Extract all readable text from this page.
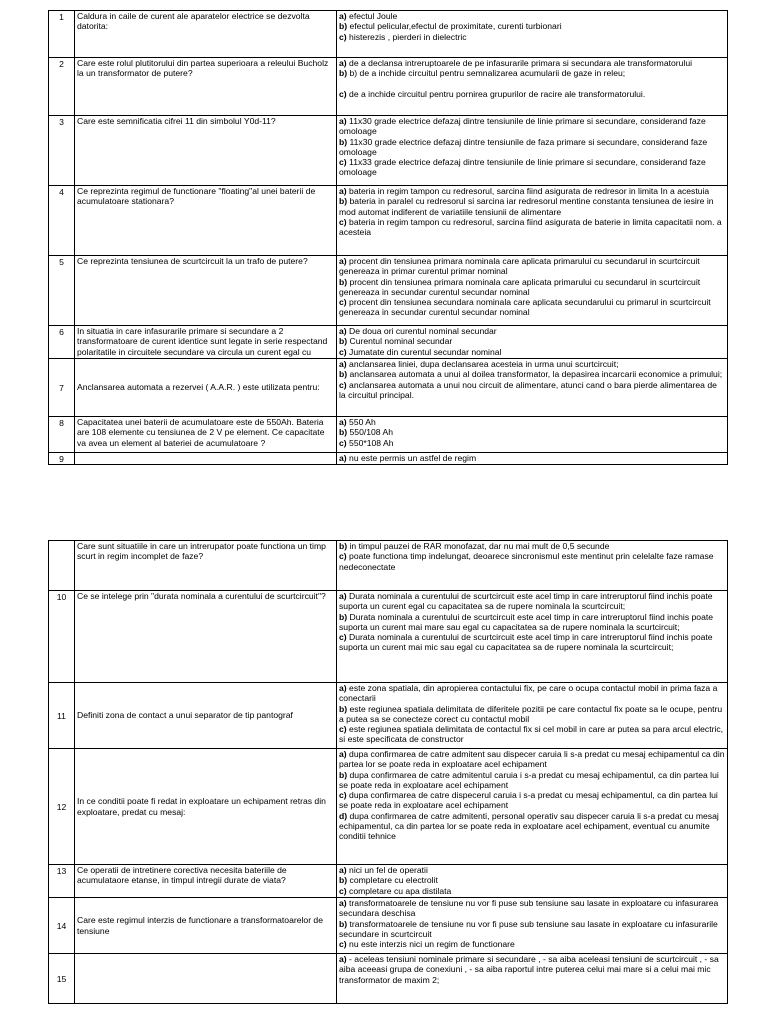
1	Caldura in caile de curent ale aparatelor electrice se dezvolta datorita:	a) efectul Joule
b) efectul pelicular,efectul de proximitate, curenti turbionari
c) histerezis , pierderi in dielectric

2	Care este rolul plutitorului din partea superioara a releului Bucholz la un transformator de putere?	a) de a declansa intreruptoarele de pe infasurarile primara si secundara ale transformatorului
b) b) de a inchide circuitul pentru semnalizarea acumularii de gaze in releu;
c) de a inchide circuitul pentru pornirea grupurilor de racire ale transformatorului.

3	Care este semnificatia cifrei 11 din simbolul Y0d-11?	a) 11x30 grade electrice defazaj dintre tensiunile de linie primare si secundare, considerand faze omoloage
b) 11x30 grade electrice defazaj dintre tensiunile de faza primare si secundare, considerand faze omoloage
c) 11x33 grade electrice defazaj dintre tensiunile de linie primare si secundare, considerand faze omoloage

4	Ce reprezinta regimul de functionare "floating"al unei baterii de acumulatoare stationara?	a) bateria in regim tampon cu redresorul, sarcina fiind asigurata de redresor in limita In a acestuia
b) bateria in paralel cu redresorul si sarcina iar redresorul mentine constanta tensiunea de iesire in mod automat indiferent de variatiile tensiunii de alimentare
c) bateria in regim tampon cu redresorul, sarcina fiind asigurata de baterie in limita capacitatii nom. a acesteia

5	Ce reprezinta tensiunea de scurtcircuit la un trafo de putere?	a) procent din tensiunea primara nominala care aplicata primarului cu secundarul in scurtcircuit genereaza in primar curentul primar nominal
b) procent din tensiunea primara nominala care aplicata primarului cu secundarul in scurtcircuit genereaza in secundar curentul secundar nominal
c) procent din tensiunea secundara nominala care aplicata secundarului cu primarul in scurtcircuit genereaza in secundar curentul secundar nominal

6	In situatia in care infasurarile primare si secundare a 2 transformatoare de curent identice sunt legate in serie respectand polaritatile in circuitele secundare va circula un curent egal cu	a) De doua ori curentul nominal secundar
b) Curentul nominal secundar
c) Jumatate din curentul secundar nominal

7	Anclansarea automata a rezervei ( A.A.R. ) este utilizata pentru:	a) anclansarea liniei, dupa declansarea acesteia in urma unui scurtcircuit;
b) anclansarea automata a unui al doilea transformator, la depasirea incarcarii economice a primului;
c) anclansarea automata a unui nou circuit de alimentare, atunci cand o bara pierde alimentarea de la circuitul principal.

8	Capacitatea unei baterii de acumulatoare este de 550Ah. Bateria are 108 elemente cu tensiunea de 2 V pe element. Ce capacitate va avea un element al bateriei de acumulatoare ?	a) 550 Ah
b) 550/108 Ah
c) 550*108 Ah

9		a) nu este permis un astfel de regim
	Care sunt situatiile in care un intrerupator poate functiona un timp scurt in regim incomplet de faze?	b) in timpul pauzei de RAR monofazat, dar nu mai mult de 0,5 secunde
c) poate functiona timp indelungat, deoarece sincronismul este mentinut prin celelalte faze ramase nedeconectate

10	Ce se intelege prin "durata nominala a curentului de scurtcircuit"?	a) Durata nominala a curentului de scurtcircuit este acel timp in care intreruptorul fiind inchis poate suporta un curent egal cu capacitatea sa de rupere nominala la scurtcircuit;
b) Durata nominala a curentului de scurtcircuit este acel timp in care intreruptorul fiind inchis poate suporta un curent mai mare sau egal cu capacitatea sa de rupere nominala la scurtcircuit;
c) Durata nominala a curentului de scurtcircuit este acel timp in care intreruptorul fiind inchis poate suporta un curent mai mic sau egal cu capacitatea sa de rupere nominala la scurtcircuit;

11	Definiti zona de contact a unui separator de tip pantograf	a) este zona spatiala, din apropierea contactului fix, pe care o ocupa contactul mobil in prima faza a conectarii
b) este regiunea spatiala delimitata de diferitele pozitii pe care contactul fix poate sa le ocupe, pentru a putea sa se conecteze corect cu contactul mobil
c) este regiunea spatiala delimitata de contactul fix si cel mobil in care ar putea sa para arcul electric, si este specificata de constructor

12	In ce conditii poate fi redat in exploatare un echipament retras din exploatare, predat cu mesaj:	a) dupa confirmarea de catre admitent sau dispecer caruia li s-a predat cu mesaj echipamentul ca din partea lor se poate reda in exploatare acel echipament
b) dupa confirmarea de catre admitentul caruia i s-a predat cu mesaj echipamentul, ca din partea lui se poate reda in exploatare acel echipament
c) dupa confirmarea de catre dispecerul caruia i s-a predat cu mesaj echipamentul, ca din partea lui se poate reda in exploatare acel echipament
d) dupa confirmarea de catre admitenti, personal operativ sau dispecer caruia li s-a predat cu mesaj echipamentul, ca din partea lor se poate reda in exploatare acel echipament, eventual cu anumite conditii tehnice

13	Ce operatii de intretinere corectiva necesita bateriile de acumulataore etanse, in timpul intregii durate de viata?	a) nici un fel de operatii
b) completare cu electrolit
c) completare cu apa distilata

14	Care este regimul interzis de functionare a transformatoarelor de tensiune	a) transformatoarele de tensiune nu vor fi puse sub tensiune sau lasate in exploatare cu infasurarea secundara deschisa
b) transformatoarele de tensiune nu vor fi puse sub tensiune sau lasate in exploatare cu infasurarile secundare in scurtcircuit
c) nu este interzis nici un regim de functionare

15		a) - aceleas tensiuni nominale primare si secundare , - sa aiba aceleasi tensiuni de scurtcircuit , - sa aiba aceeasi grupa de conexiuni , - sa aiba raportul intre puterea celui mai mare si a celui mai mic transformator de maxim 2;
